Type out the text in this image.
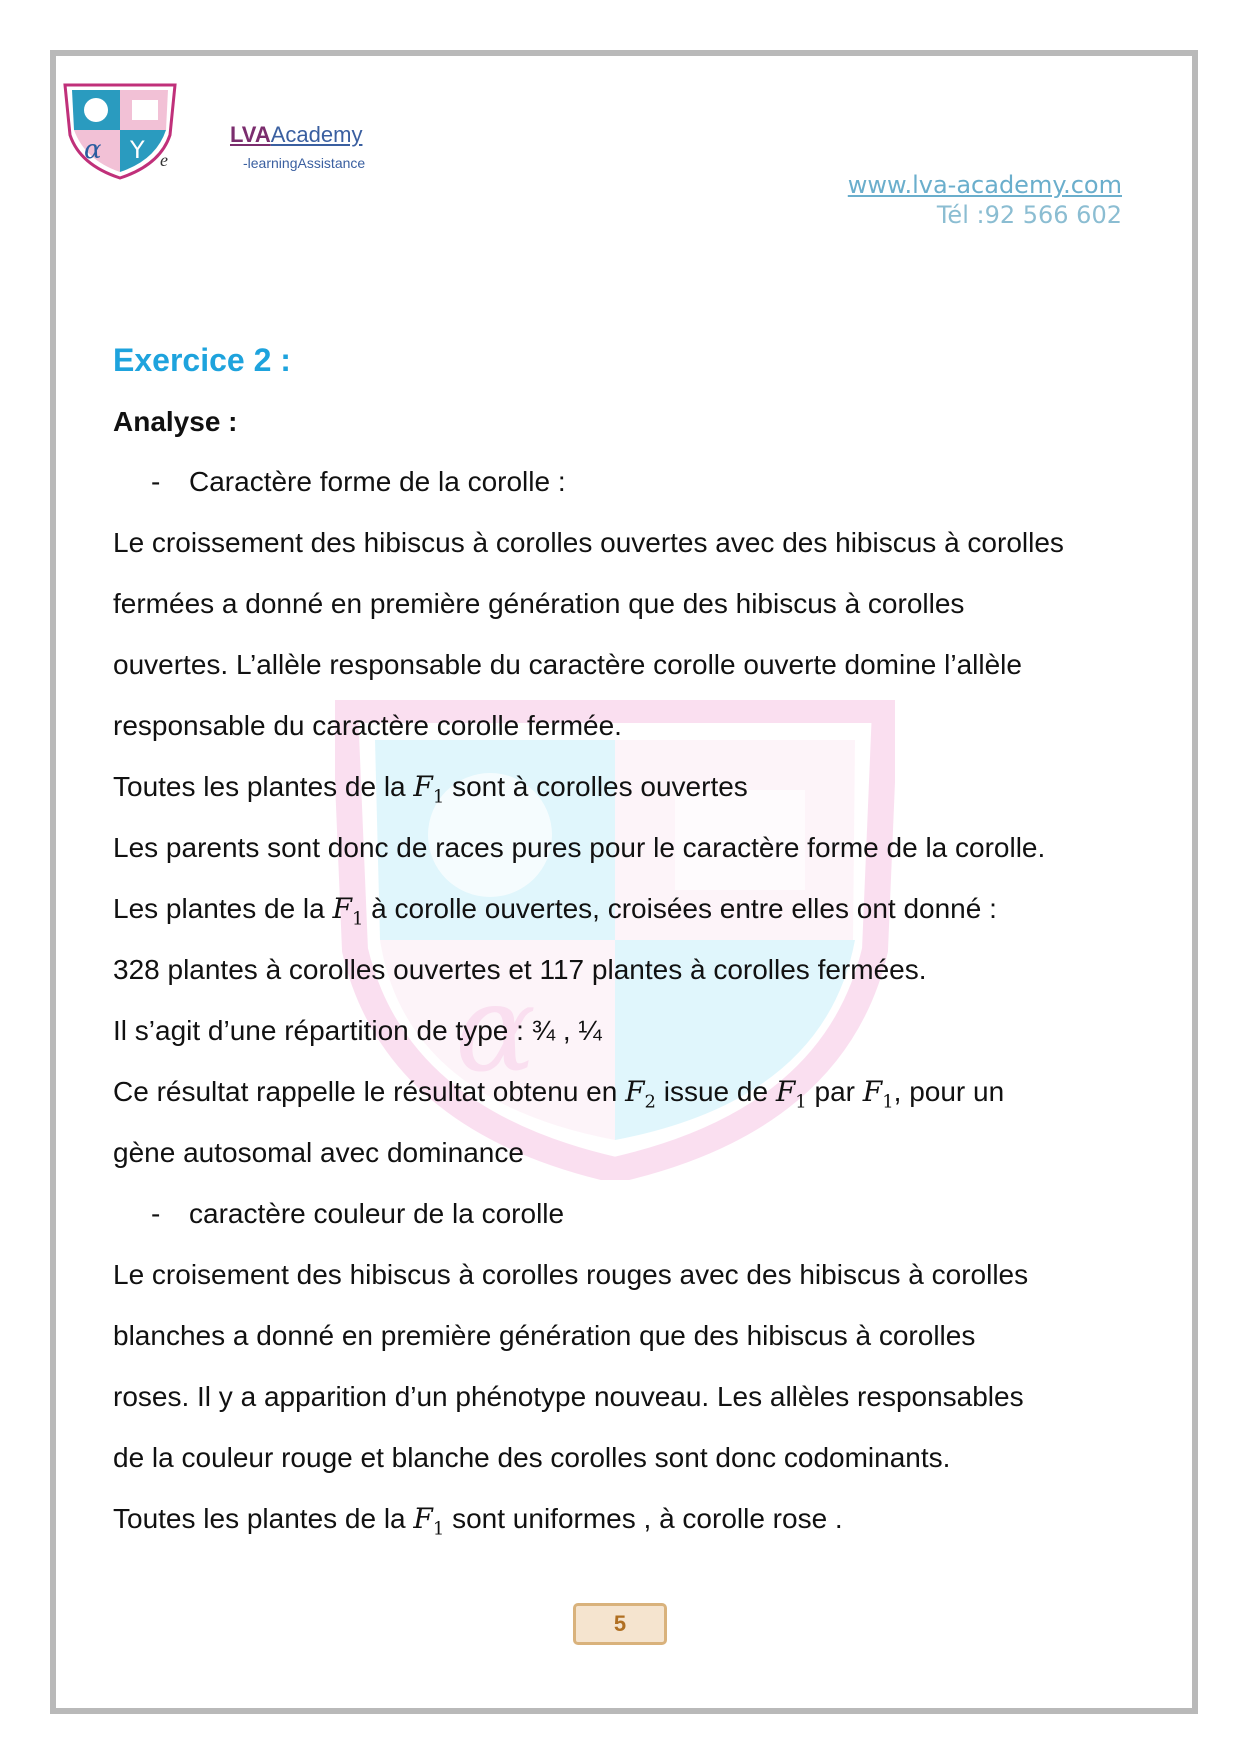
α Y
LVAAcademy
-learningAssistance
e
www.lva-academy.com
Tél :92 566 602
α
Exercice 2 :
Analyse :
- Caractère forme de la corolle :
Le croissement des hibiscus à corolles ouvertes avec des hibiscus à corolles
fermées a donné en première génération que des hibiscus à corolles
ouvertes. L’allèle responsable du caractère corolle ouverte domine l’allèle
responsable du caractère corolle fermée.
Toutes les plantes de la $F_1$ sont à corolles ouvertes
Les parents sont donc de races pures pour le caractère forme de la corolle.
Les plantes de la $F_1$ à corolle ouvertes, croisées entre elles ont donné :
328 plantes à corolles ouvertes et 117 plantes à corolles fermées.
Il s’agit d’une répartition de type : ¾ , ¼
Ce résultat rappelle le résultat obtenu en $F_2$ issue de $F_1$ par $F_1$, pour un
gène autosomal avec dominance
- caractère couleur de la corolle
Le croisement des hibiscus à corolles rouges avec des hibiscus à corolles
blanches a donné en première génération que des hibiscus à corolles
roses. Il y a apparition d’un phénotype nouveau. Les allèles responsables
de la couleur rouge et blanche des corolles sont donc codominants.
Toutes les plantes de la $F_1$ sont uniformes , à corolle rose .
5
